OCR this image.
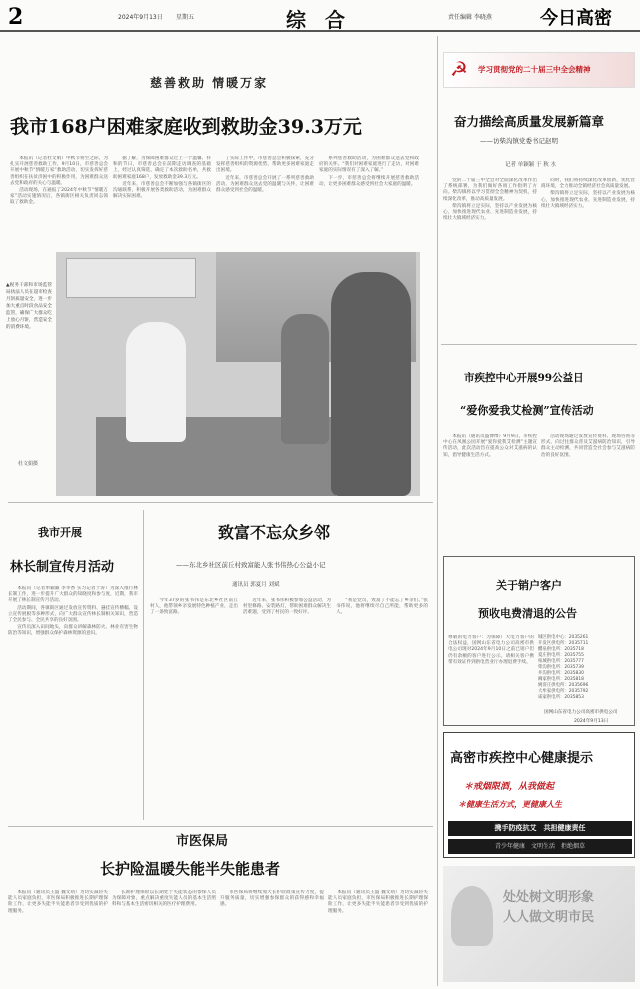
2	2024年9月13日 星期五	综 合	责任编辑 李晓燕	今日高密
慈善救助 情暖万家
我市168户困难家庭收到救助金39.3万元

本报讯（记者杜文娟）中秋节将至之际，为扎实开展慈善救助工作，9月10日，市慈善总会开展中秋节“情暖万家”救助活动，切实发挥好慈善组织在扶贫济困中的积极作用，为困难群众送去党和政府的关心与温暖。

活动现场，在通报了2024年中秋节“情暖万家”活动实施情况后，各镇街区相关负责同志领取了救助金。

据了解，为保障困难群众过上一个温馨、祥和的节日，市慈善总会在前期走访调查的基础上，经过认真筛选，确定了本次救助名单，共救助困难家庭168户，发放救助金39.3万元。

近年来，市慈善总会不断加强与各镇街区的沟通联系，积极开展各类救助活动，为困难群众解决实际困难。

了实际工作中，市慈善总会积极探索，充分发挥慈善组织的资源优势，帮助更多困难家庭走出困境。

近年来，市慈善总会开展了一系列慈善救助活动，为困难群众送去党的温暖与关怀，让困难群众感受到社会的温暖。

系列慈善救助活动，为困难群众送去党和政府的关怀。“我们对困难家庭进行了走访，对困难家庭的实际情况有了深入了解。”

下一步，市慈善总会将继续开展慈善救助活动，让更多困难群众感受到社会大家庭的温暖。

▲税务干部和市场监管局执法人员在超市检查月饼质量安全，进一步加大重点时段食品安全监管，确保广大群众吃上放心月饼，营造安全的消费环境。

杜文娟摄
我市开展
林长制宣传月活动

本报讯（记者单颖颖 李孝香 实习记者于涛）为深入推行林长制工作，进一步提升广大群众的知晓度和参与度，近期，我市开展了林长制宣传月活动。

活动期间，各镇街区通过发放宣传资料、悬挂宣传横幅、设立宣传展板等多种形式，向广大群众宣传林长制相关知识，营造了全民参与、全民共享的良好氛围。

宣传员深入田间地头，向群众讲解森林防火、林业有害生物防治等知识，增强群众保护森林资源的意识。

致富不忘众乡邻
——东北乡社区前丘村致富能人张书伟热心公益小记
通讯员 郭夏月 刘斌

今年37岁的张书伟是东北乡社区前丘村人，他带领乡亲发展特色种植产业，走出了一条致富路。

近年来，张书伟积极参加公益活动，为村里修路、安装路灯，帮助困难群众解决生活难题，受到了村民的一致好评。

“我是党员，致富了不能忘了乡亲们。”张书伟说，他将继续尽自己所能，帮助更多的人。

市医保局
长护险温暖失能半失能患者

本报讯（通讯员王盛 魏文靖）为切实减轻失能人员家庭负担，市医保局积极推进长期护理保险工作，让更多失能半失能患者享受到优质的护理服务。

长期护理保险以长期处于失能状态的参保人员为保障对象，重点解决重度失能人员的基本生活照料和与基本生活密切相关的医疗护理费用。

市医保局将继续加大长护险政策宣传力度，提升服务质量，切实增强参保群众的获得感和幸福感。

本报讯（通讯员王盛 魏文靖）为切实减轻失能人员家庭负担，市医保局积极推进长期护理保险工作，让更多失能半失能患者享受到优质的护理服务。

☭ 学习贯彻党的二十届三中全会精神
奋力描绘高质量发展新篇章
——访柴沟镇党委书记赵明
记者 单颖颖 于 秋 水

党的二十届三中全会对全面深化改革作出了系统部署，为我们做好各项工作指明了方向。柴沟镇将以学习贯彻全会精神为契机，持续深化改革，推动高质量发展。

柴沟镇将立足实际，坚持以产业发展为核心，加快推进现代农业、先进制造业发展，持续壮大镇域经济实力。

同时，我们将持续深化改革创新，优化营商环境，全力推动全镇经济社会高质量发展。

柴沟镇将立足实际，坚持以产业发展为核心，加快推进现代农业、先进制造业发展，持续壮大镇域经济实力。

市疾控中心开展99公益日
“爱你爱我艾检测”宣传活动

本报讯（通讯员盛博博）9月9日，市疾控中心在凤凰公园开展“爱你爱我艾检测”主题宣传活动，此次活动旨在提高公众对艾滋病的认知，倡导健康生活方式。

活动现场通过发放宣传资料、现场咨询等形式，向过往群众普及艾滋病防治知识，引导群众主动检测，共同营造全社会参与艾滋病防治的良好氛围。

关于销户客户
预收电费清退的公告

尊敬的电力客户：为保障广大电力客户的合法权益，国网山东省电力公司高密市供电公司现对2024年9月10日之前已销户但仍有余额的客户进行公示。请相关客户携带有效证件到供电营业厅办理退费手续。

城区供电中心：2035261
开发区供电所：2035711
醴泉供电所：2035718
夏庄供电所：2035755
柏城供电所：2035777
柴沟供电所：2035739
井沟供电所：2035830
阚家供电所：2035818
姚哥庄供电所：2035696
大牟家供电所：2035792
咸家供电所：2035853
国网山东省电力公司高密市供电公司
2024年9月13日
高密市疾控中心健康提示
＊戒烟限酒，从我做起
＊健康生活方式，更健康人生
携手防疫抗艾　共担健康责任
青少年健康　文明生活　拒绝烟草
处处树文明形象
人人做文明市民
